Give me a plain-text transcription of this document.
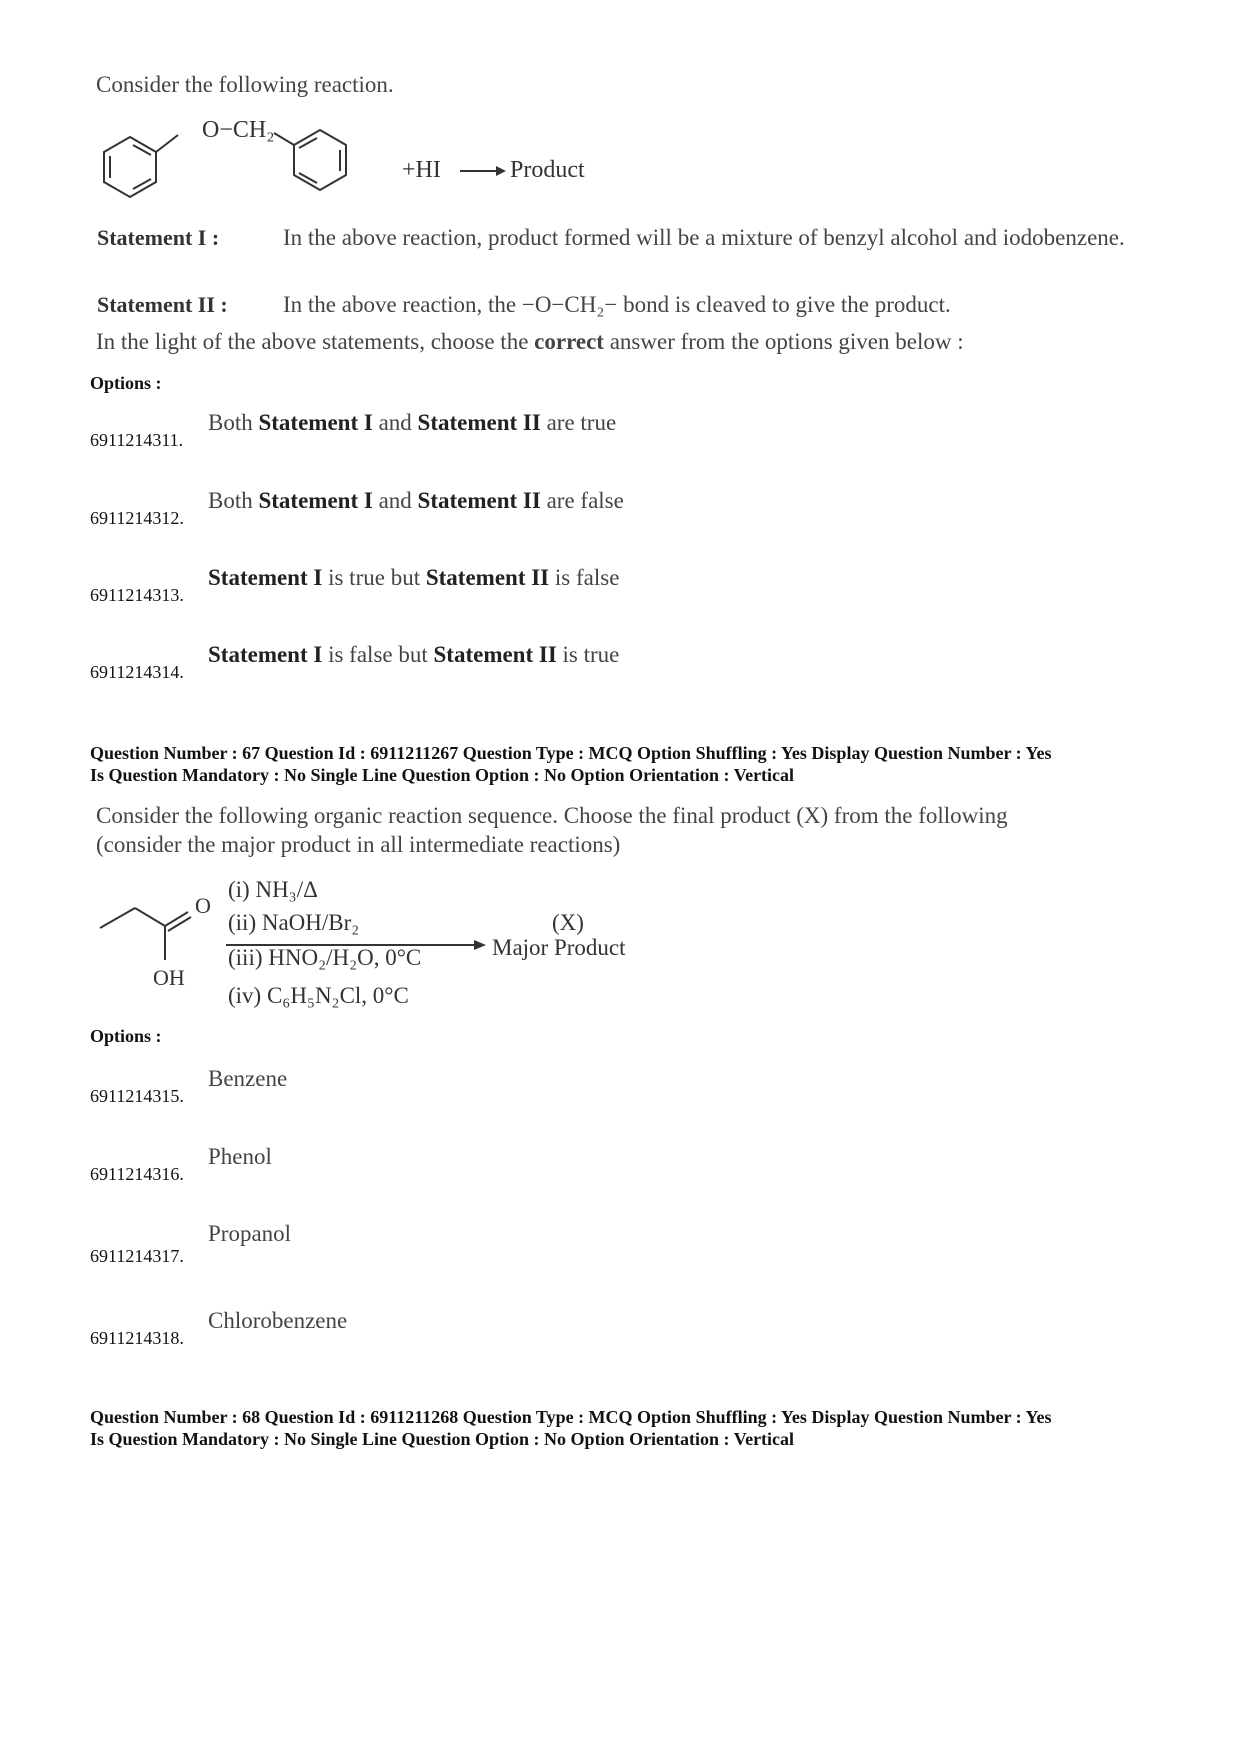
Consider the following reaction.
O−CH₂
+HI → Product
Statement I :	In the above reaction, product formed will be a mixture of benzyl alcohol and iodobenzene.
Statement II : In the above reaction, the −O−CH₂− bond is cleaved to give the product.
In the light of the above statements, choose the correct answer from the options given below :
Options :
6911214311.
Both Statement I and Statement II are true
6911214312.
Both Statement I and Statement II are false
6911214313.
Statement I is true but Statement II is false
6911214314.
Statement I is false but Statement II is true
Question Number : 67 Question Id : 6911211267 Question Type : MCQ Option Shuffling : Yes Display Question Number : Yes
Is Question Mandatory : No Single Line Question Option : No Option Orientation : Vertical
Consider the following organic reaction sequence. Choose the final product (X) from the following
(consider the major product in all intermediate reactions)
O
OH
(i) NH₃/Δ
(ii) NaOH/Br₂
(iii) HNO₂/H₂O, 0°C
(iv) C₆H₅N₂Cl, 0°C
(X)
Major Product
Options :
6911214315.
Benzene
6911214316.
Phenol
6911214317.
Propanol
6911214318.
Chlorobenzene
Question Number : 68 Question Id : 6911211268 Question Type : MCQ Option Shuffling : Yes Display Question Number : Yes
Is Question Mandatory : No Single Line Question Option : No Option Orientation : Vertical
